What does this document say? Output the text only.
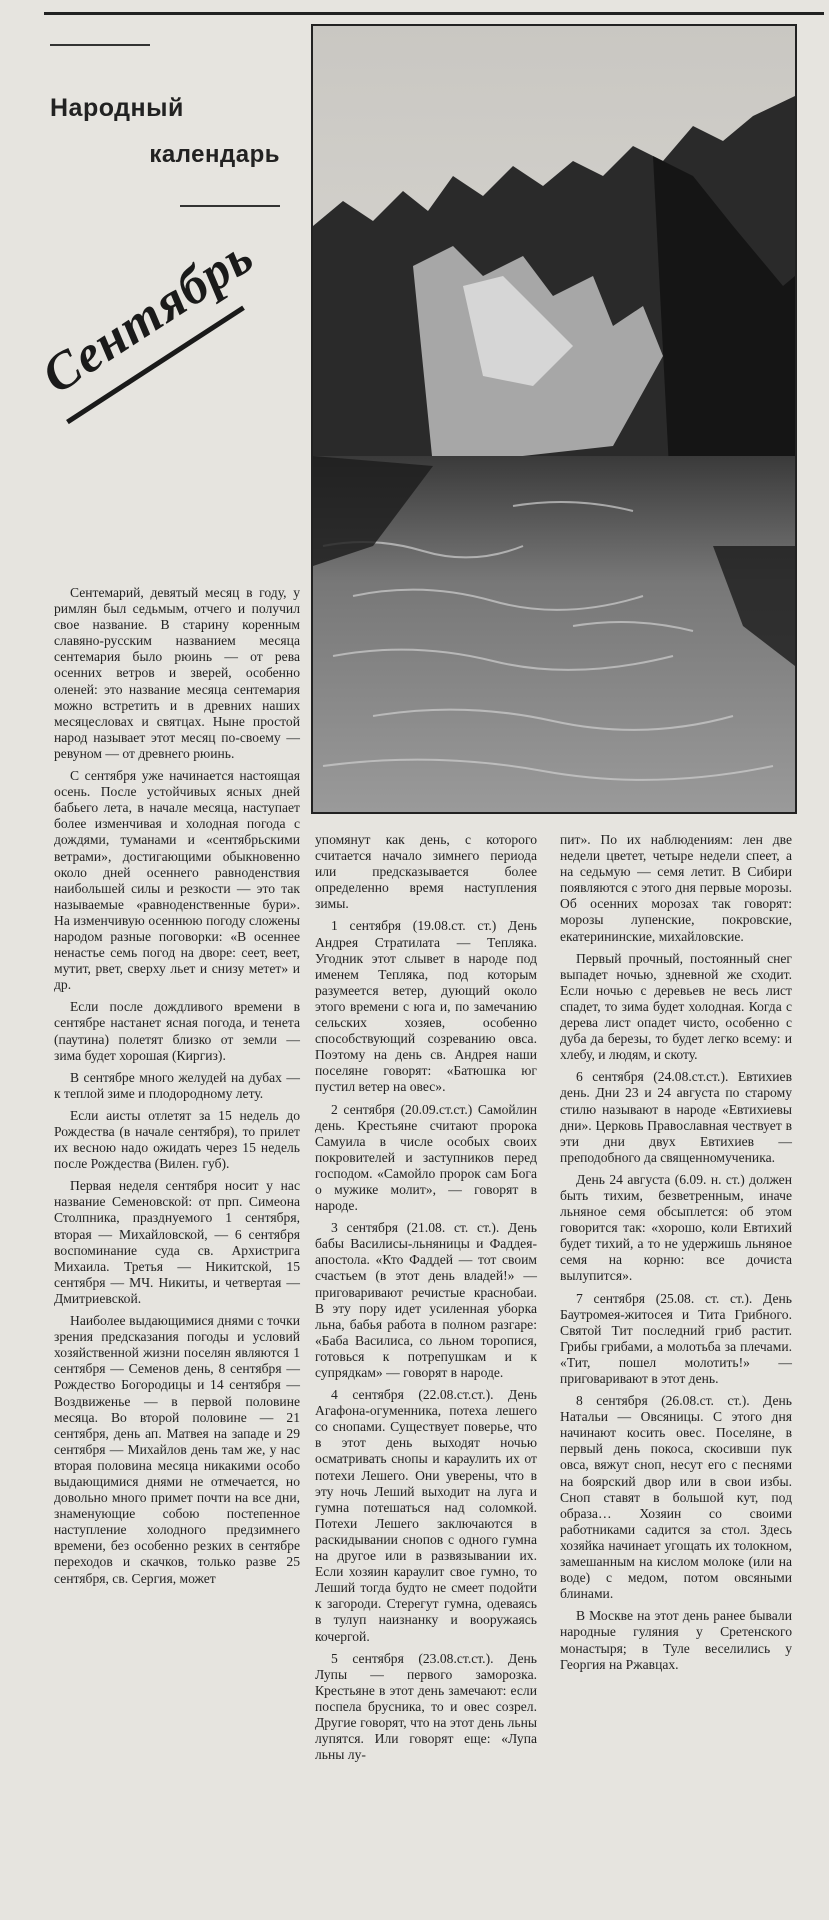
Народный
календарь
Сентябрь

Сентемарий, девятый месяц в году, у римлян был седьмым, отчего и получил свое название. В старину коренным славяно-русским названием месяца сентемария было рюинь — от рева осенних ветров и зверей, особенно оленей: это название месяца сентемария можно встретить и в древних наших месяцесловах и святцах. Ныне простой народ называет этот месяц по-своему — ревуном — от древнего рюинь.

С сентября уже начинается настоящая осень. После устойчивых ясных дней бабьего лета, в начале месяца, наступает более изменчивая и холодная погода с дождями, туманами и «сентябрьскими ветрами», достигающими обыкновенно около дней осеннего равноденствия наибольшей силы и резкости — это так называемые «равноденственные бури». На изменчивую осеннюю погоду сложены народом разные поговорки: «В осеннее ненастье семь погод на дворе: сеет, веет, мутит, рвет, сверху льет и снизу метет» и др.

Если после дождливого времени в сентябре настанет ясная погода, и тенета (паутина) полетят близко от земли — зима будет хорошая (Киргиз).

В сентябре много желудей на дубах — к теплой зиме и плодородному лету.

Если аисты отлетят за 15 недель до Рождества (в начале сентября), то прилет их весною надо ожидать через 15 недель после Рождества (Вилен. губ).

Первая неделя сентября носит у нас название Семеновской: от прп. Симеона Столпника, празднуемого 1 сентября, вторая — Михайловской, — 6 сентября воспоминание суда св. Архистрига Михаила. Третья — Никитской, 15 сентября — МЧ. Никиты, и четвертая — Дмитриевской.

Наиболее выдающимися днями с точки зрения предсказания погоды и условий хозяйственной жизни поселян являются 1 сентября — Семенов день, 8 сентября — Рождество Богородицы и 14 сентября — Воздвиженье — в первой половине месяца. Во второй половине — 21 сентября, день ап. Матвея на западе и 29 сентября — Михайлов день там же, у нас вторая половина месяца никакими особо выдающимися днями не отмечается, но довольно много примет почти на все дни, знаменующие собою постепенное наступление холодного предзимнего времени, без особенно резких в сентябре переходов и скачков, только разве 25 сентября, св. Сергия, может

упомянут как день, с которого считается начало зимнего периода или предсказывается более определенно время наступления зимы.

1 сентября (19.08.ст. ст.) День Андрея Стратилата — Тепляка. Угодник этот слывет в народе под именем Тепляка, под которым разумеется ветер, дующий около этого времени с юга и, по замечанию сельских хозяев, особенно способствующий созреванию овса. Поэтому на день св. Андрея наши поселяне говорят: «Батюшка юг пустил ветер на овес».

2 сентября (20.09.ст.ст.) Самойлин день. Крестьяне считают пророка Самуила в числе особых своих покровителей и заступников перед господом. «Самойло пророк сам Бога о мужике молит», — говорят в народе.

3 сентября (21.08. ст. ст.). День бабы Василисы-льняницы и Фаддея-апостола. «Кто Фаддей — тот своим счастьем (в этот день владей!» — приговаривают речистые краснобаи. В эту пору идет усиленная уборка льна, бабья работа в полном разгаре: «Баба Василиса, со льном торопися, готовься к потрепушкам и к супрядкам» — говорят в народе.

4 сентября (22.08.ст.ст.). День Агафона-огуменника, потеха лешего со снопами. Существует поверье, что в этот день выходят ночью осматривать снопы и караулить их от потехи Лешего. Они уверены, что в эту ночь Леший выходит на луга и гумна потешаться над соломкой. Потехи Лешего заключаются в раскидывании снопов с одного гумна на другое или в развязывании их. Если хозяин караулит свое гумно, то Леший тогда будто не смеет подойти к загороди. Стерегут гумна, одеваясь в тулуп наизнанку и вооружаясь кочергой.

5 сентября (23.08.ст.ст.). День Лупы — первого заморозка. Крестьяне в этот день замечают: если поспела брусника, то и овес созрел. Другие говорят, что на этот день льны лупятся. Или говорят еще: «Лупа льны лу-

пит». По их наблюдениям: лен две недели цветет, четыре недели спеет, а на седьмую — семя летит. В Сибири появляются с этого дня первые морозы. Об осенних морозах так говорят: морозы лупенские, покровские, екатерининские, михайловские.

Первый прочный, постоянный снег выпадет ночью, здневной же сходит. Если ночью с деревьев не весь лист спадет, то зима будет холодная. Когда с дерева лист опадет чисто, особенно с дуба да березы, то будет легко всему: и хлебу, и людям, и скоту.

6 сентября (24.08.ст.ст.). Евтихиев день. Дни 23 и 24 августа по старому стилю называют в народе «Евтихиевы дни». Церковь Православная чествует в эти дни двух Евтихиев — преподобного да священномученика.

День 24 августа (6.09. н. ст.) должен быть тихим, безветренным, иначе льняное семя обсыплется: об этом говорится так: «хорошо, коли Евтихий будет тихий, а то не удержишь льняное семя на корню: все дочиста вылупится».

7 сентября (25.08. ст. ст.). День Баутромея-житосея и Тита Грибного. Святой Тит последний гриб растит. Грибы грибами, а молотьба за плечами. «Тит, пошел молотить!» — приговаривают в этот день.

8 сентября (26.08.ст. ст.). День Натальи — Овсяницы. С этого дня начинают косить овес. Поселяне, в первый день покоса, скосивши пук овса, вяжут сноп, несут его с песнями на боярский двор или в свои избы. Сноп ставят в большой кут, под образа… Хозяин со своими работниками садится за стол. Здесь хозяйка начинает угощать их толокном, замешанным на кислом молоке (или на воде) с медом, потом овсяными блинами.

В Москве на этот день ранее бывали народные гуляния у Сретенского монастыря; в Туле веселились у Георгия на Ржавцах.
